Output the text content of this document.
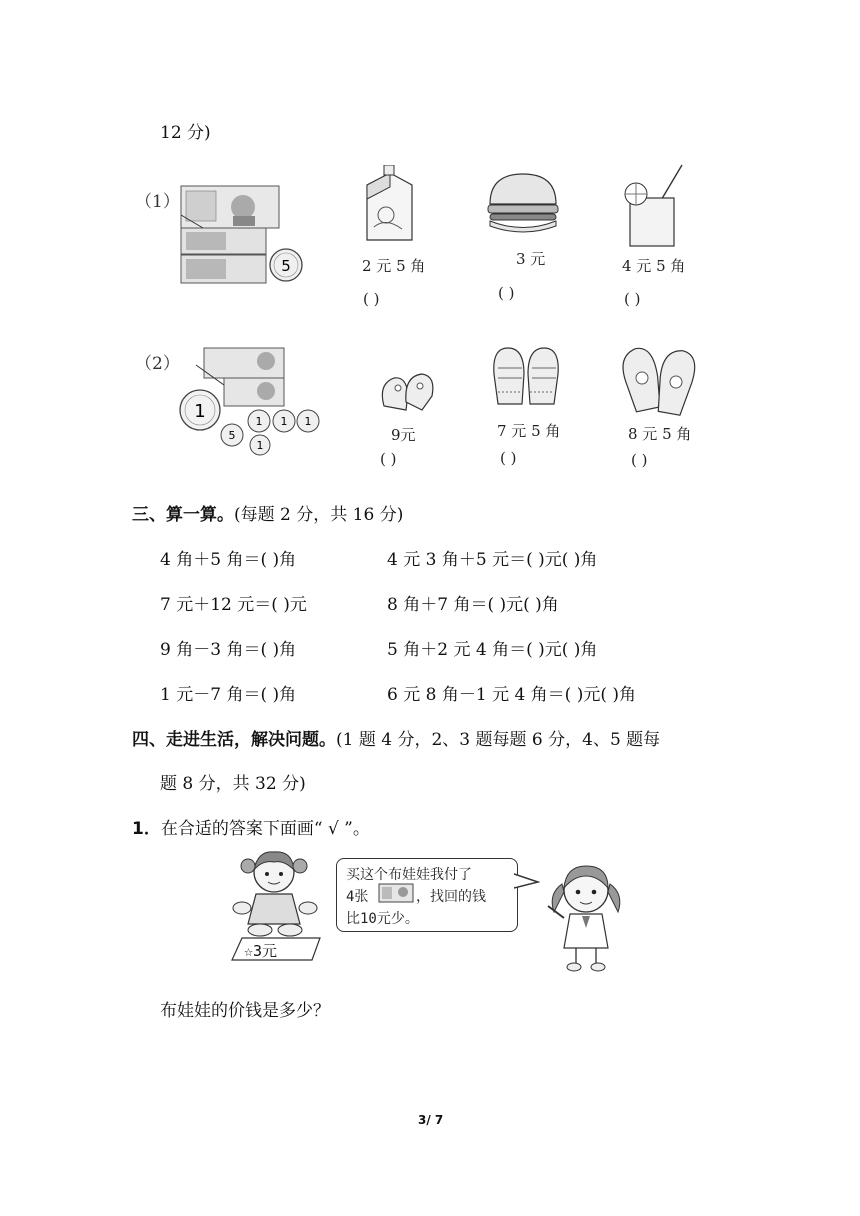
12 分)
（1）
5	2 元 5 角
( )
3 元
( )
4 元 5 角
( )
（2）
1
5
1 1 1
1
9元
( )
7 元 5 角
( )
8 元 5 角
( )
三、算一算。(每题 2 分，共 16 分)
4 角＋5 角＝( )角	4 元 3 角＋5 元＝( )元( )角
7 元＋12 元＝( )元	8 角＋7 角＝( )元( )角
9 角－3 角＝( )角	5 角＋2 元 4 角＝( )元( )角
1 元－7 角＝( )角	6 元 8 角－1 元 4 角＝( )元( )角
四、走进生活，解决问题。(1 题 4 分，2、3 题每题 6 分，4、5 题每
题 8 分，共 32 分)
1．在合适的答案下面画“ √ ”。
☆3元
买这个布娃娃我付了
4张	，找回的钱
比10元少。
布娃娃的价钱是多少？
3/ 7
